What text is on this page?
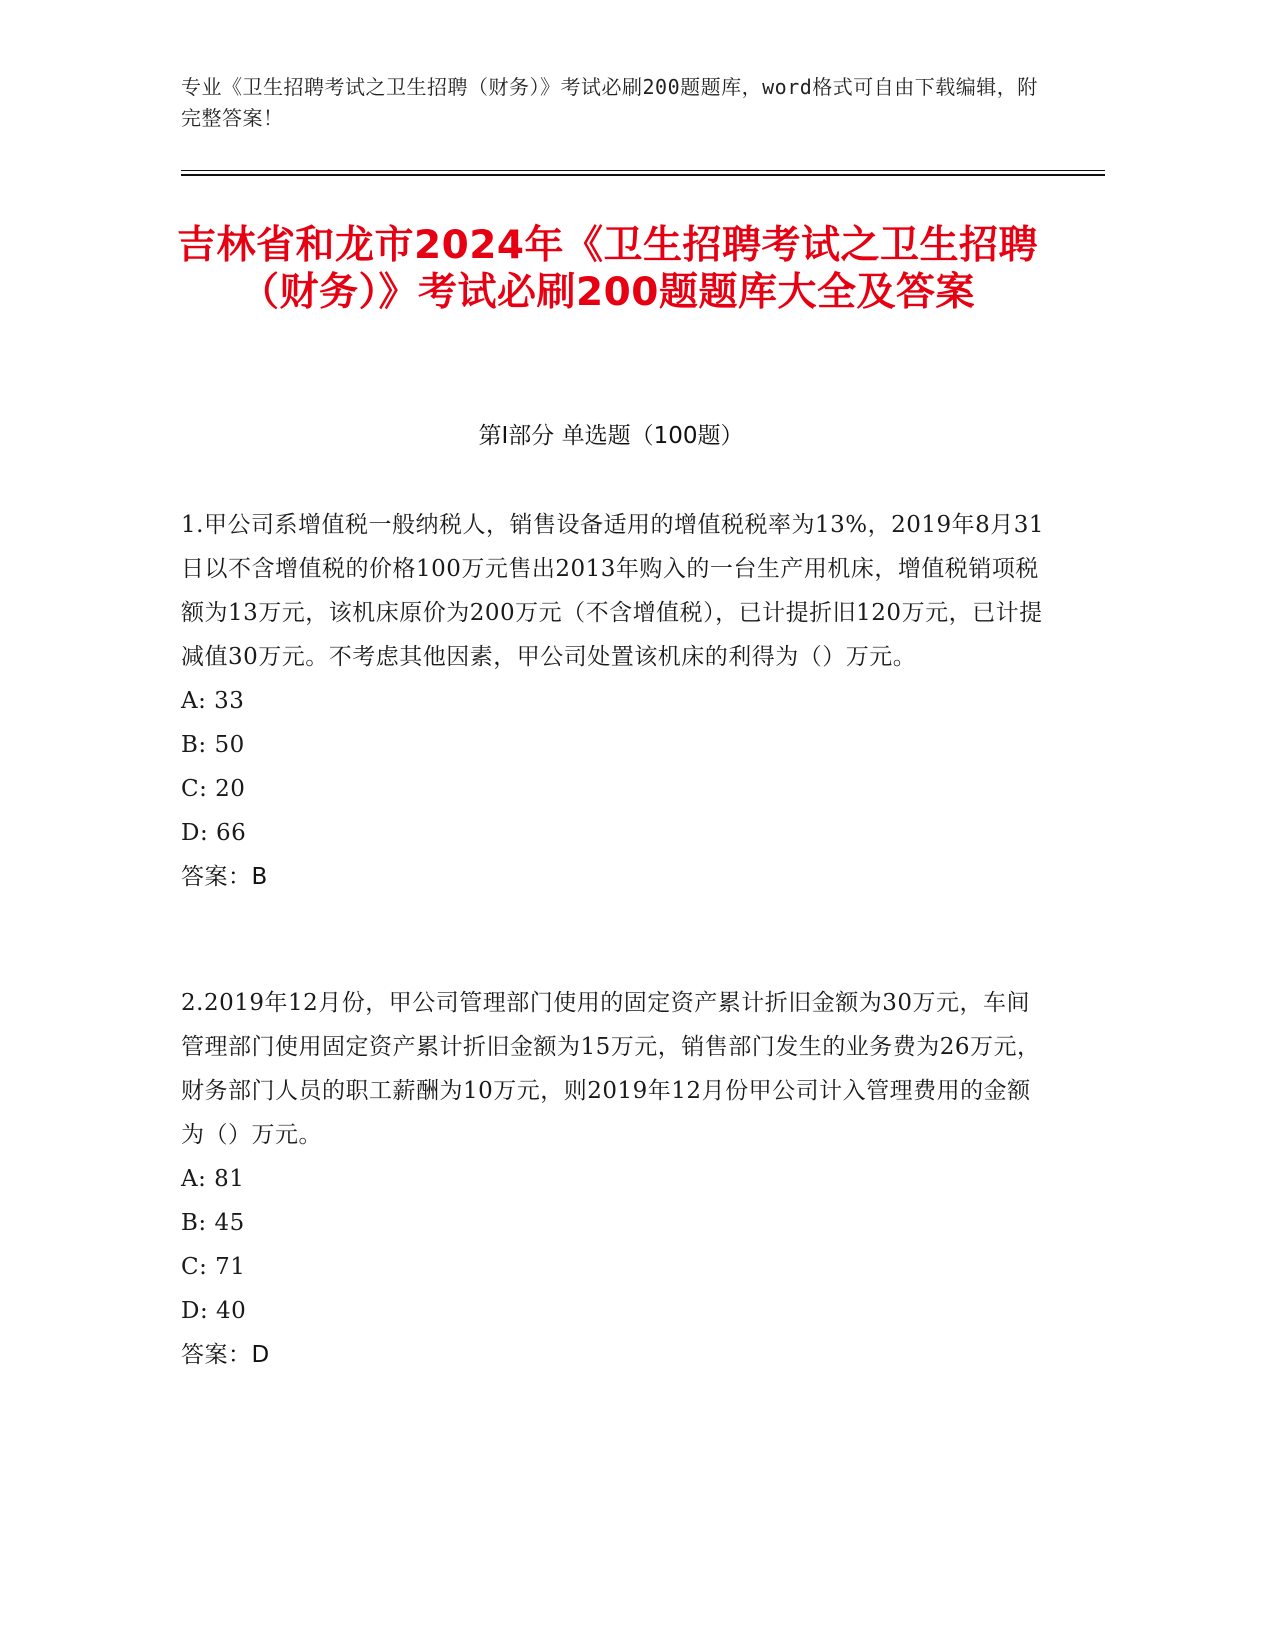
专业《卫生招聘考试之卫生招聘（财务）》考试必刷200题题库，word格式可自由下载编辑，附完整答案！
吉林省和龙市2024年《卫生招聘考试之卫生招聘（财务）》考试必刷200题题库大全及答案
第Ⅰ部分 单选题（100题）

1.甲公司系增值税一般纳税人，销售设备适用的增值税税率为13%，2019年8月31日以不含增值税的价格100万元售出2013年购入的一台生产用机床，增值税销项税额为13万元，该机床原价为200万元（不含增值税），已计提折旧120万元，已计提减值30万元。不考虑其他因素，甲公司处置该机床的利得为（）万元。

A: 33

B: 50

C: 20

D: 66

答案：B

2.2019年12月份，甲公司管理部门使用的固定资产累计折旧金额为30万元，车间管理部门使用固定资产累计折旧金额为15万元，销售部门发生的业务费为26万元，财务部门人员的职工薪酬为10万元，则2019年12月份甲公司计入管理费用的金额为（）万元。

A: 81

B: 45

C: 71

D: 40

答案：D
